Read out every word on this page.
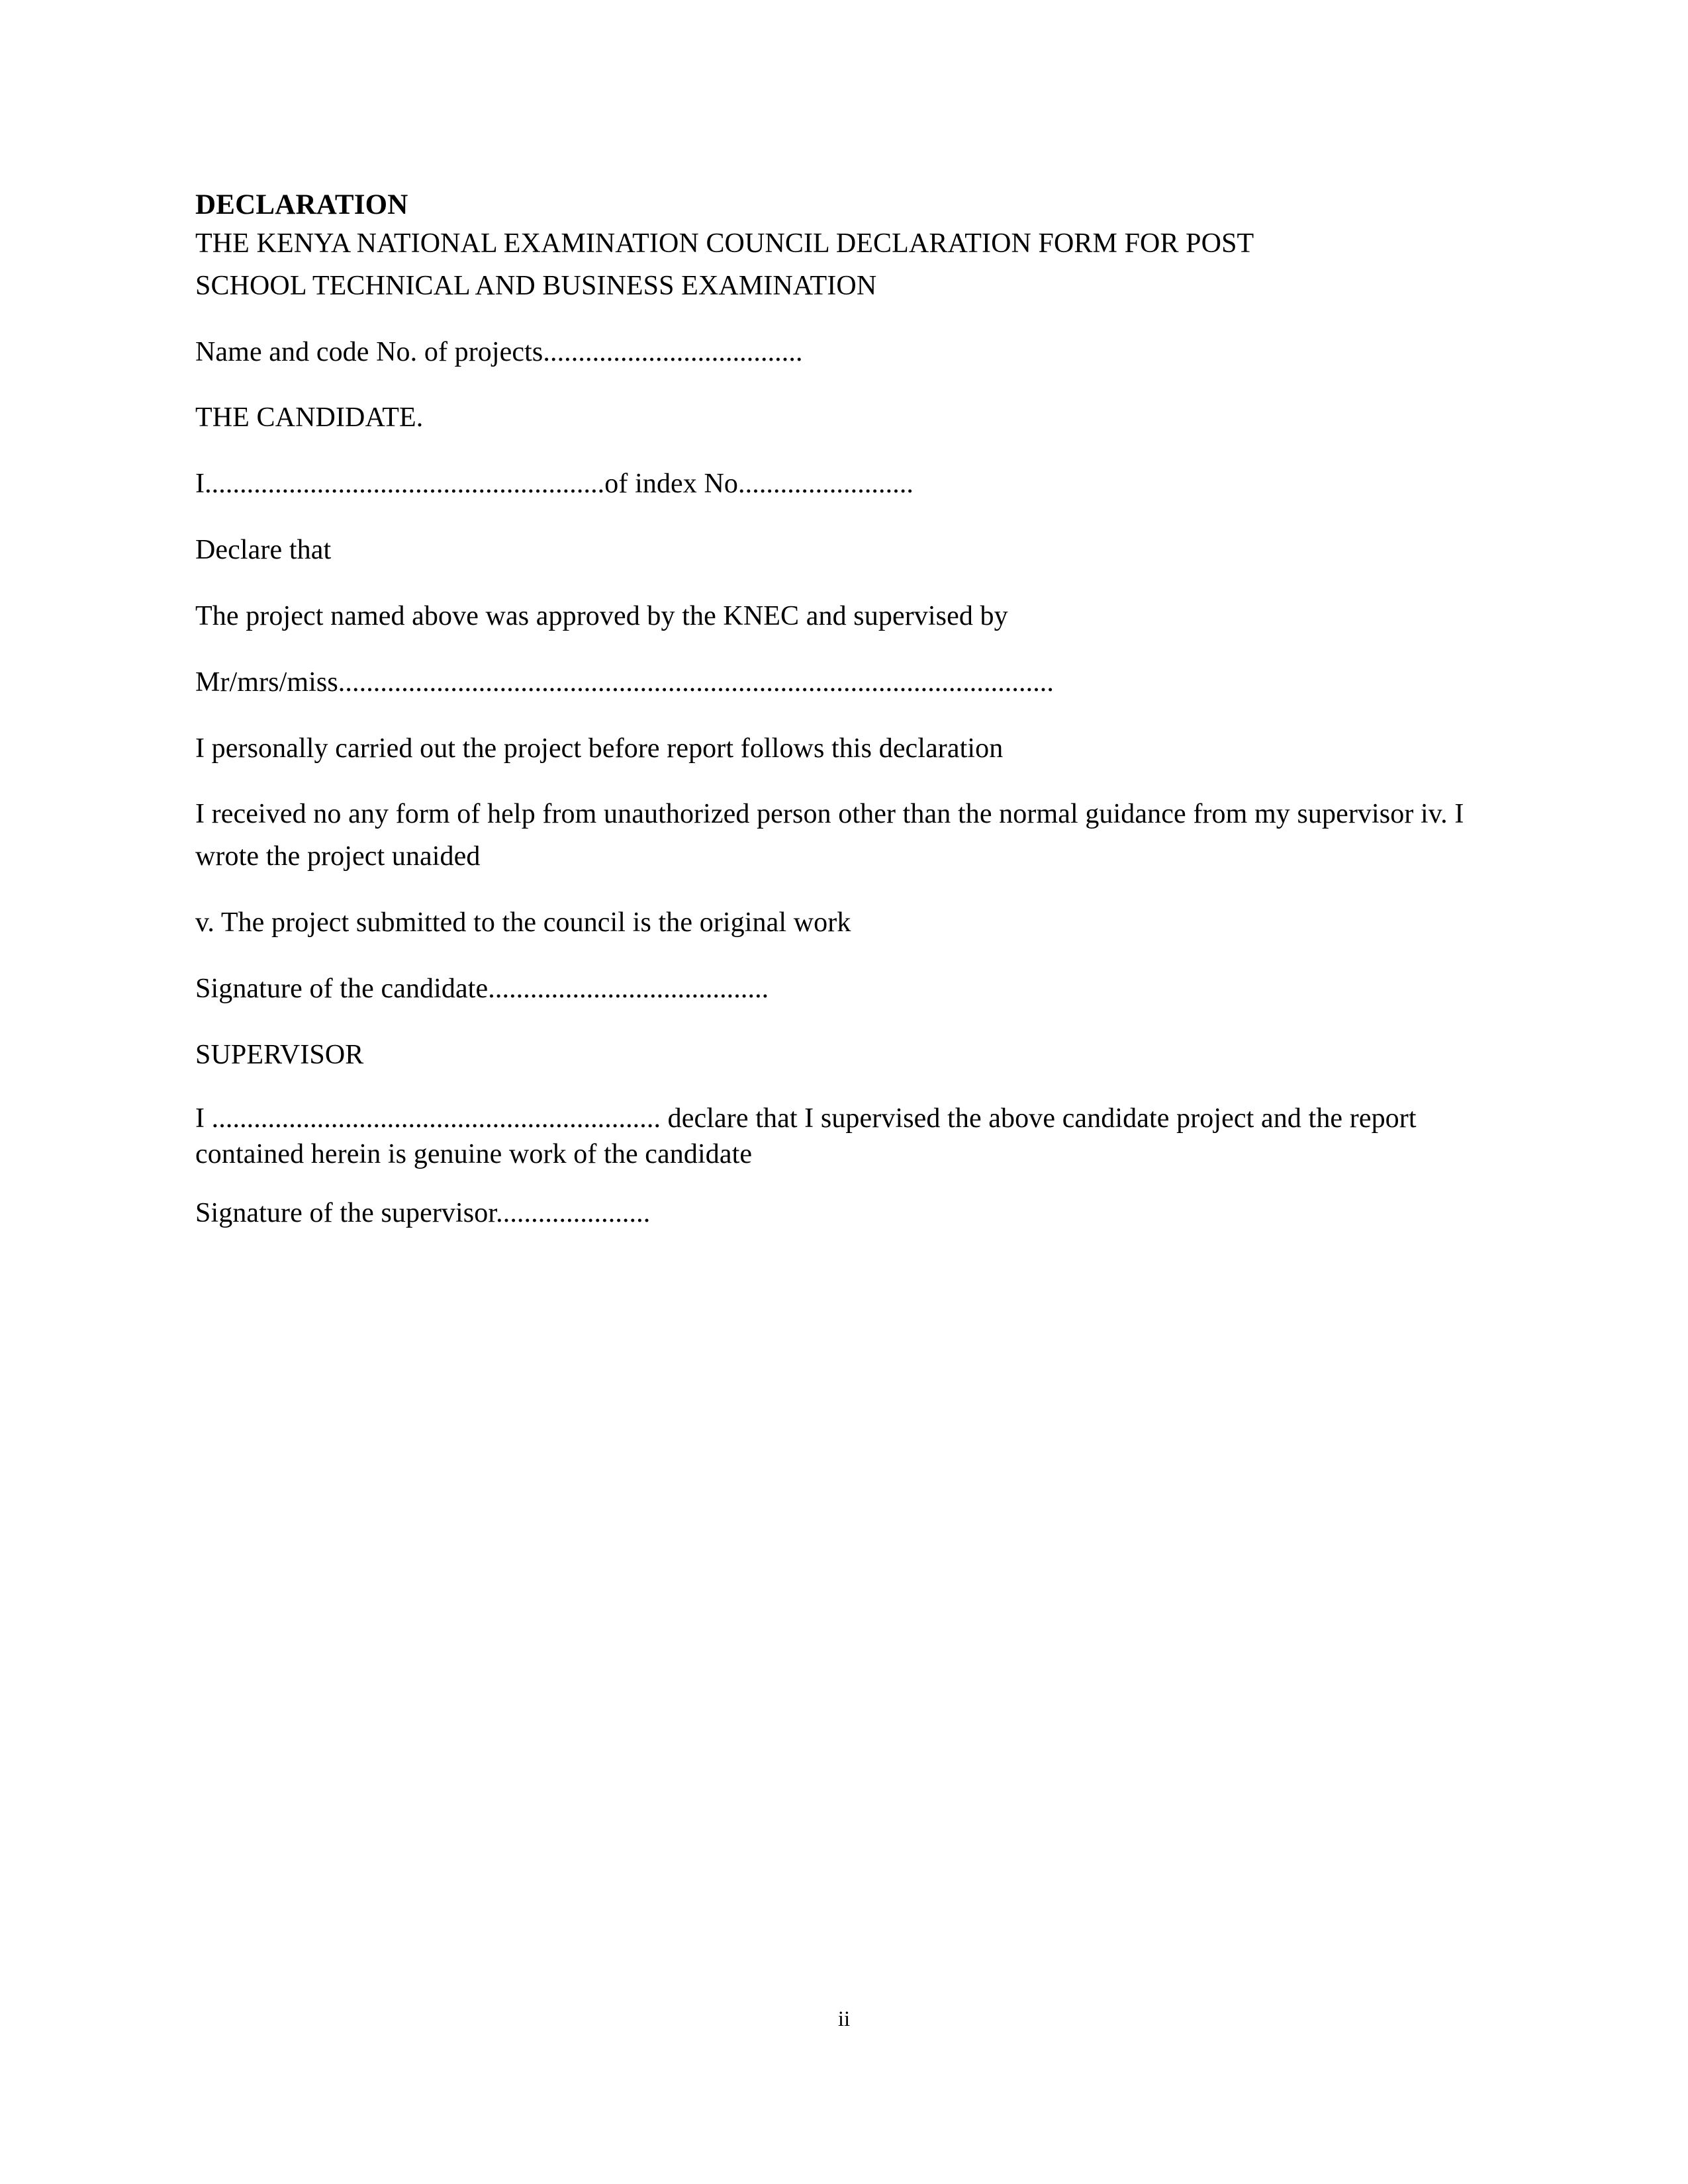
DECLARATION

THE KENYA NATIONAL EXAMINATION COUNCIL DECLARATION FORM FOR POST

SCHOOL TECHNICAL AND BUSINESS EXAMINATION

Name and code No. of projects.....................................

THE CANDIDATE.

I.........................................................of index No.........................

Declare that

The project named above was approved by the KNEC and supervised by

Mr/mrs/miss......................................................................................................

I personally carried out the project before report follows this declaration

I received no any form of help from unauthorized person other than the normal guidance from my supervisor iv. I wrote the project unaided

v. The project submitted to the council is the original work

Signature of the candidate........................................

SUPERVISOR

I ................................................................ declare that I supervised the above candidate project and the report contained herein is genuine work of the candidate

Signature of the supervisor......................

ii
